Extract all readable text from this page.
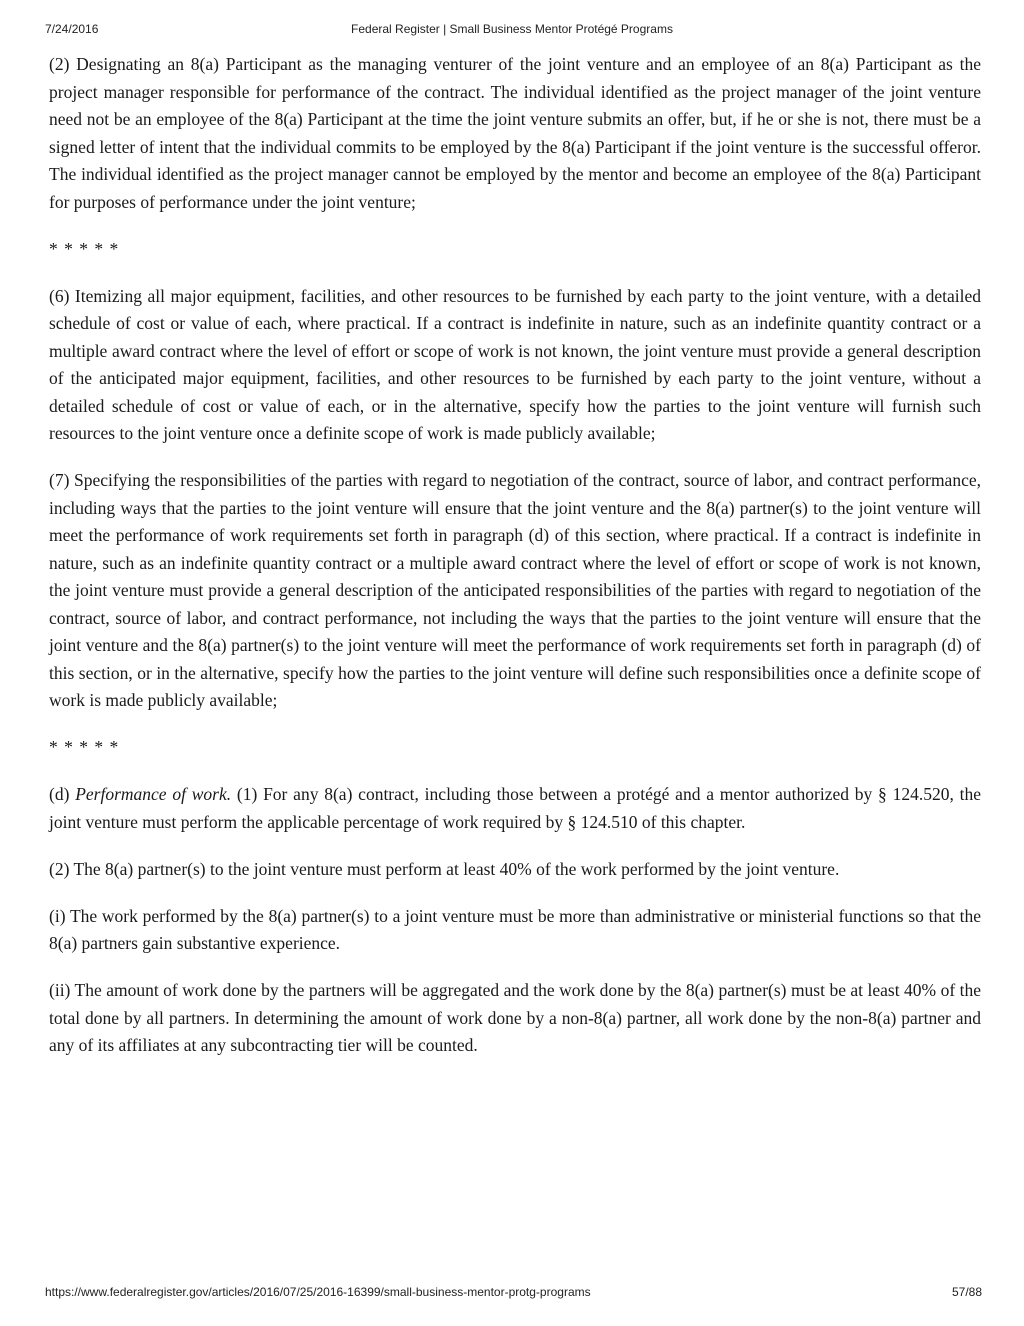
7/24/2016	Federal Register | Small Business Mentor Protégé Programs

(2) Designating an 8(a) Participant as the managing venturer of the joint venture and an employee of an 8(a) Participant as the project manager responsible for performance of the contract. The individual identified as the project manager of the joint venture need not be an employee of the 8(a) Participant at the time the joint venture submits an offer, but, if he or she is not, there must be a signed letter of intent that the individual commits to be employed by the 8(a) Participant if the joint venture is the successful offeror. The individual identified as the project manager cannot be employed by the mentor and become an employee of the 8(a) Participant for purposes of performance under the joint venture;

* * * * *

(6) Itemizing all major equipment, facilities, and other resources to be furnished by each party to the joint venture, with a detailed schedule of cost or value of each, where practical. If a contract is indefinite in nature, such as an indefinite quantity contract or a multiple award contract where the level of effort or scope of work is not known, the joint venture must provide a general description of the anticipated major equipment, facilities, and other resources to be furnished by each party to the joint venture, without a detailed schedule of cost or value of each, or in the alternative, specify how the parties to the joint venture will furnish such resources to the joint venture once a definite scope of work is made publicly available;

(7) Specifying the responsibilities of the parties with regard to negotiation of the contract, source of labor, and contract performance, including ways that the parties to the joint venture will ensure that the joint venture and the 8(a) partner(s) to the joint venture will meet the performance of work requirements set forth in paragraph (d) of this section, where practical. If a contract is indefinite in nature, such as an indefinite quantity contract or a multiple award contract where the level of effort or scope of work is not known, the joint venture must provide a general description of the anticipated responsibilities of the parties with regard to negotiation of the contract, source of labor, and contract performance, not including the ways that the parties to the joint venture will ensure that the joint venture and the 8(a) partner(s) to the joint venture will meet the performance of work requirements set forth in paragraph (d) of this section, or in the alternative, specify how the parties to the joint venture will define such responsibilities once a definite scope of work is made publicly available;

* * * * *

(d) Performance of work. (1) For any 8(a) contract, including those between a protégé and a mentor authorized by § 124.520, the joint venture must perform the applicable percentage of work required by § 124.510 of this chapter.

(2) The 8(a) partner(s) to the joint venture must perform at least 40% of the work performed by the joint venture.

(i) The work performed by the 8(a) partner(s) to a joint venture must be more than administrative or ministerial functions so that the 8(a) partners gain substantive experience.

(ii) The amount of work done by the partners will be aggregated and the work done by the 8(a) partner(s) must be at least 40% of the total done by all partners. In determining the amount of work done by a non-8(a) partner, all work done by the non-8(a) partner and any of its affiliates at any subcontracting tier will be counted.

https://www.federalregister.gov/articles/2016/07/25/2016-16399/small-business-mentor-protg-programs	57/88
